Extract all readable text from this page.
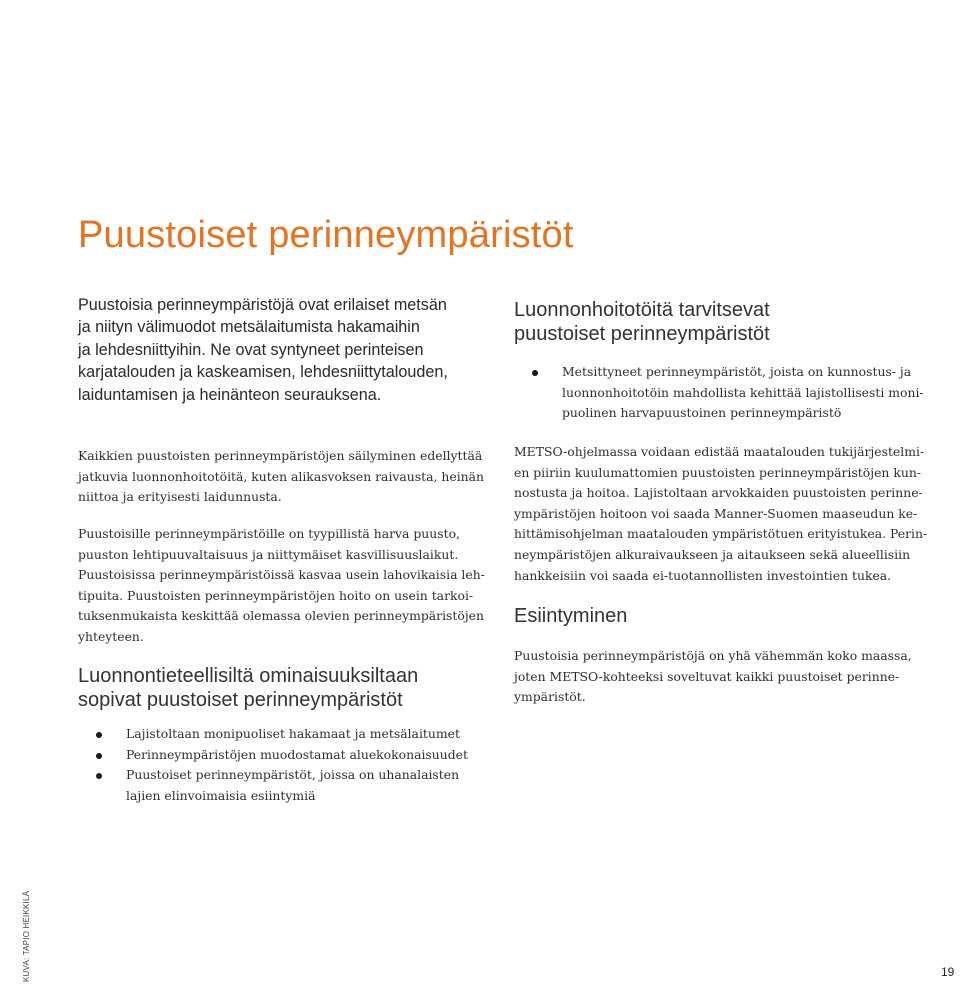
Puustoiset perinneympäristöt

Puustoisia perinneympäristöjä ovat erilaiset metsän
ja niityn välimuodot metsälaitumista hakamaihin
ja lehdesniittyihin. Ne ovat syntyneet perinteisen
karjatalouden ja kaskeamisen, lehdesniittytalouden,
laiduntamisen ja heinänteon seurauksena.

Kaikkien puustoisten perinneympäristöjen säilyminen edellyttää
jatkuvia luonnonhoitotöitä, kuten alikasvoksen raivausta, heinän
niittoa ja erityisesti laidunnusta.

Puustoisille perinneympäristöille on tyypillistä harva puusto,
puuston lehtipuuvaltaisuus ja niittymäiset kasvillisuuslaikut.
Puustoisissa perinneympäristöissä kasvaa usein lahovikaisia leh-
tipuita. Puustoisten perinneympäristöjen hoito on usein tarkoi-
tuksenmukaista keskittää olemassa olevien perinneympäristöjen
yhteyteen.

Luonnontieteellisiltä ominaisuuksiltaan
sopivat puustoiset perinneympäristöt
Lajistoltaan monipuoliset hakamaat ja metsälaitumet
Perinneympäristöjen muodostamat aluekokonaisuudet
Puustoiset perinneympäristöt, joissa on uhanalaisten
lajien elinvoimaisia esiintymiä
Luonnonhoitotöitä tarvitsevat
puustoiset perinneympäristöt
Metsittyneet perinneympäristöt, joista on kunnostus- ja
luonnonhoitotöin mahdollista kehittää lajistollisesti moni-
puolinen harvapuustoinen perinneympäristö

METSO-ohjelmassa voidaan edistää maatalouden tukijärjestelmi-
en piiriin kuulumattomien puustoisten perinneympäristöjen kun-
nostusta ja hoitoa. Lajistoltaan arvokkaiden puustoisten perinne-
ympäristöjen hoitoon voi saada Manner-Suomen maaseudun ke-
hittämisohjelman maatalouden ympäristötuen erityistukea. Perin-
neympäristöjen alkuraivaukseen ja aitaukseen sekä alueellisiin
hankkeisiin voi saada ei-tuotannollisten investointien tukea.

Esiintyminen

Puustoisia perinneympäristöjä on yhä vähemmän koko maassa,
joten METSO-kohteeksi soveltuvat kaikki puustoiset perinne-
ympäristöt.

KUVA: TAPIO HEIKKILÄ	19
